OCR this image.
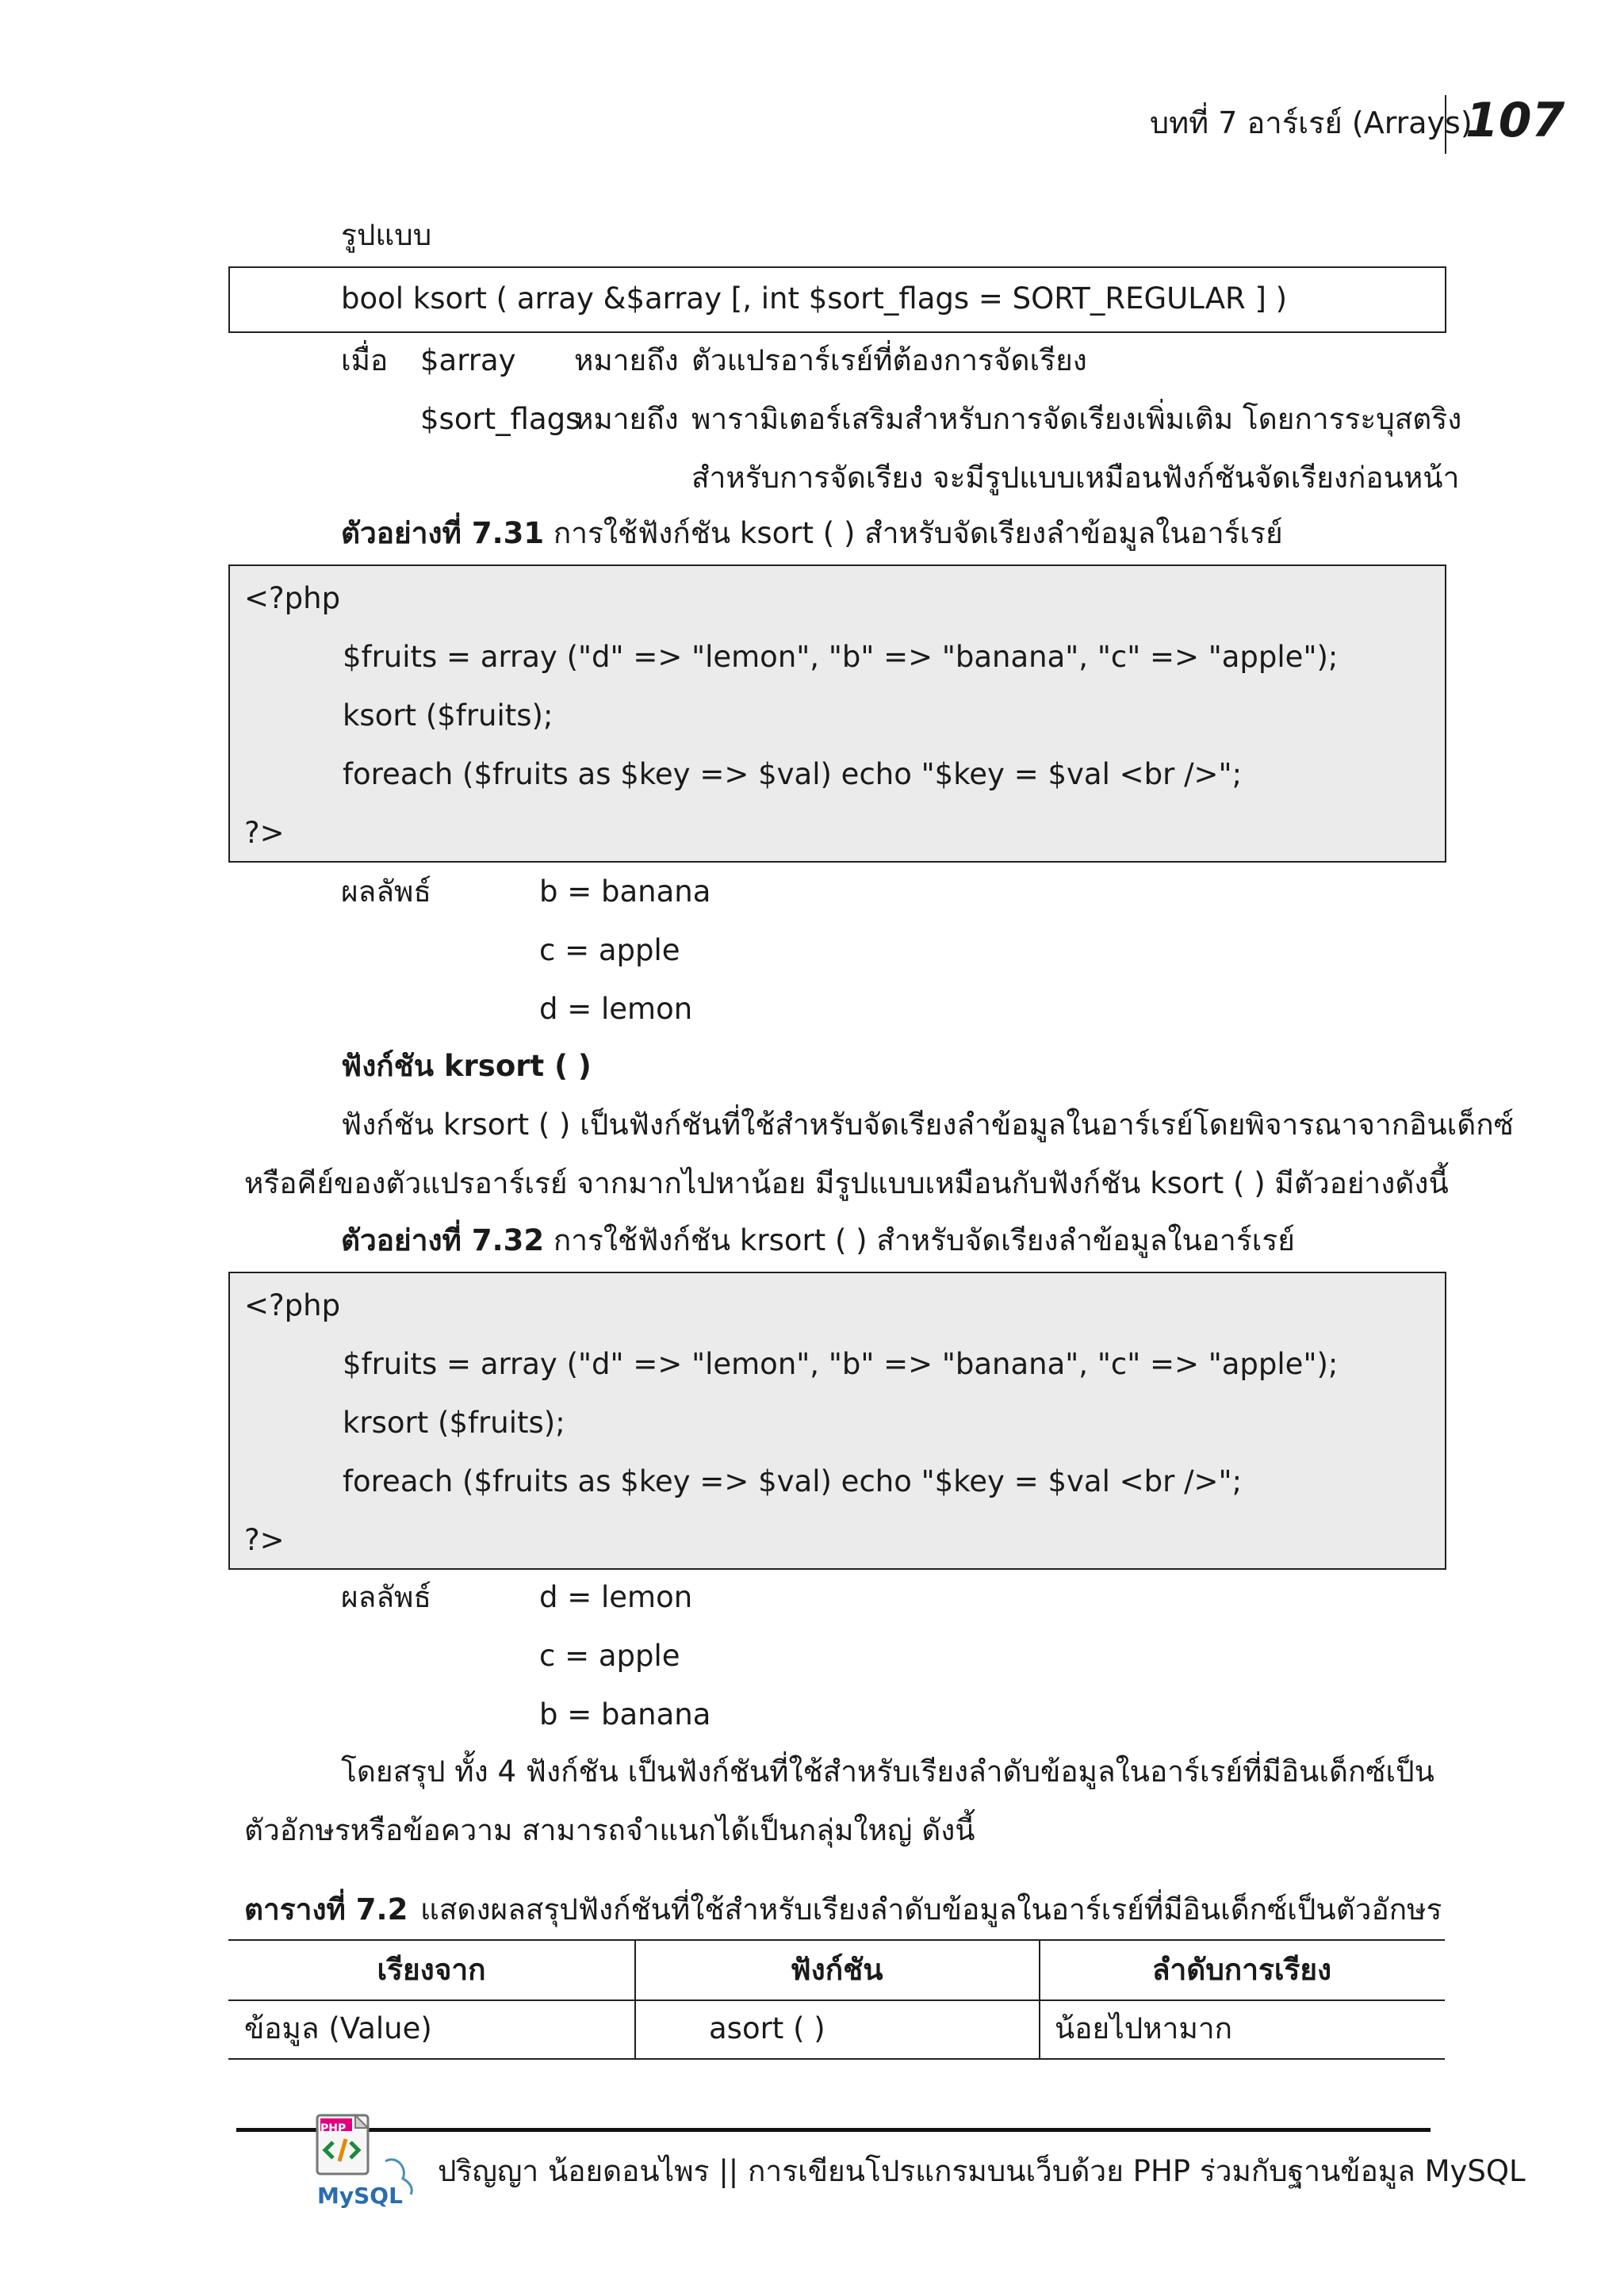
บทที่ 7 อาร์เรย์ (Arrays)
107
รูปแบบ
bool ksort ( array &$array [, int $sort_flags = SORT_REGULAR ] )
เมื่อ $array หมายถึง ตัวแปรอาร์เรย์ที่ต้องการจัดเรียง
$sort_flags
หมายถึง พารามิเตอร์เสริมสำหรับการจัดเรียงเพิ่มเติม โดยการระบุสตริง
สำหรับการจัดเรียง จะมีรูปแบบเหมือนฟังก์ชันจัดเรียงก่อนหน้า
ตัวอย่างที่ 7.31 การใช้ฟังก์ชัน ksort ( ) สำหรับจัดเรียงลำข้อมูลในอาร์เรย์
<?php
$fruits = array ("d" => "lemon", "b" => "banana", "c" => "apple");
ksort ($fruits);
foreach ($fruits as $key => $val) echo "$key = $val <br />";
?>
ผลลัพธ์	b = banana
c = apple
d = lemon
ฟังก์ชัน krsort ( )
ฟังก์ชัน krsort ( ) เป็นฟังก์ชันที่ใช้สำหรับจัดเรียงลำข้อมูลในอาร์เรย์โดยพิจารณาจากอินเด็กซ์
หรือคีย์ของตัวแปรอาร์เรย์ จากมากไปหาน้อย มีรูปแบบเหมือนกับฟังก์ชัน ksort ( ) มีตัวอย่างดังนี้
ตัวอย่างที่ 7.32 การใช้ฟังก์ชัน krsort ( ) สำหรับจัดเรียงลำข้อมูลในอาร์เรย์
<?php
$fruits = array ("d" => "lemon", "b" => "banana", "c" => "apple");
krsort ($fruits);
foreach ($fruits as $key => $val) echo "$key = $val <br />";
?>
ผลลัพธ์	d = lemon
c = apple
b = banana
โดยสรุป ทั้ง 4 ฟังก์ชัน เป็นฟังก์ชันที่ใช้สำหรับเรียงลำดับข้อมูลในอาร์เรย์ที่มีอินเด็กซ์เป็น
ตัวอักษรหรือข้อความ สามารถจำแนกได้เป็นกลุ่มใหญ่ ดังนี้
ตารางที่ 7.2 แสดงผลสรุปฟังก์ชันที่ใช้สำหรับเรียงลำดับข้อมูลในอาร์เรย์ที่มีอินเด็กซ์เป็นตัวอักษร
เรียงจาก	ฟังก์ชัน	ลำดับการเรียง
ข้อมูล (Value)	asort ( )	น้อยไปหามาก
PHP
MySQL
ปริญญา น้อยดอนไพร || การเขียนโปรแกรมบนเว็บด้วย PHP ร่วมกับฐานข้อมูล MySQL
